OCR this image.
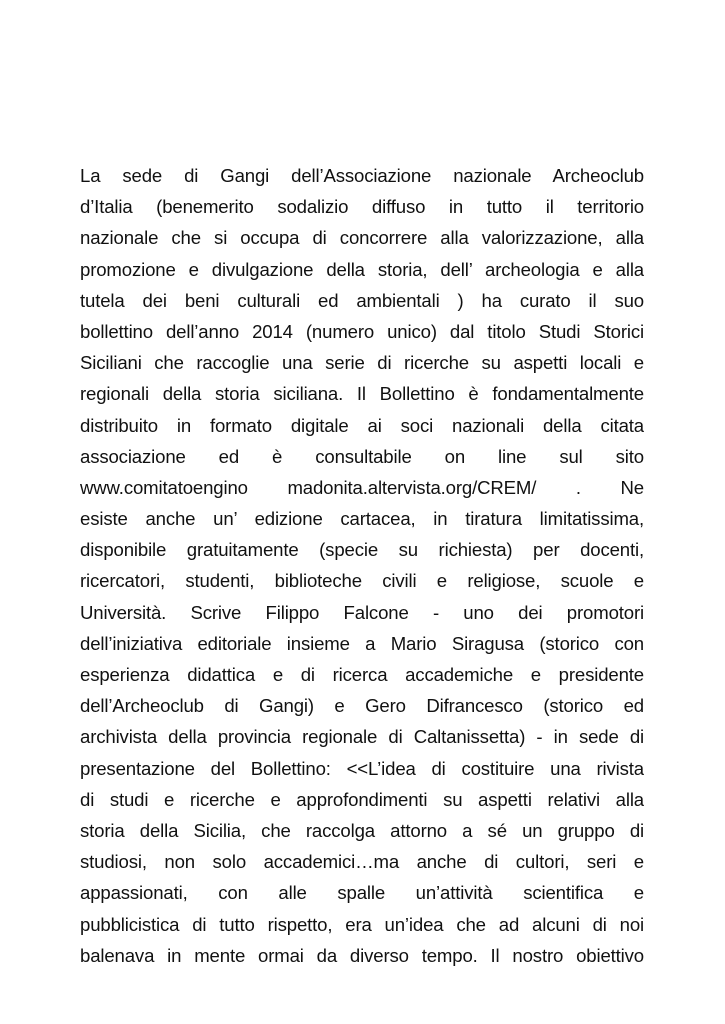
La sede di Gangi dell’Associazione nazionale Archeoclub
d’Italia (benemerito sodalizio diffuso in tutto il territorio
nazionale che si occupa di concorrere alla valorizzazione, alla
promozione e divulgazione della storia, dell’ archeologia e alla
tutela dei beni culturali ed ambientali ) ha curato il suo
bollettino dell’anno 2014 (numero unico) dal titolo Studi Storici
Siciliani che raccoglie una serie di ricerche su aspetti locali e
regionali della storia siciliana. Il Bollettino è fondamentalmente
distribuito in formato digitale ai soci nazionali della citata
associazione ed è consultabile on line sul sito
www.comitatoengino madonita.altervista.org/CREM/ . Ne
esiste anche un’ edizione cartacea, in tiratura limitatissima,
disponibile gratuitamente (specie su richiesta) per docenti,
ricercatori, studenti, biblioteche civili e religiose, scuole e
Università. Scrive Filippo Falcone - uno dei promotori
dell’iniziativa editoriale insieme a Mario Siragusa (storico con
esperienza didattica e di ricerca accademiche e presidente
dell’Archeoclub di Gangi) e Gero Difrancesco (storico ed
archivista della provincia regionale di Caltanissetta) - in sede di
presentazione del Bollettino: <<L’idea di costituire una rivista
di studi e ricerche e approfondimenti su aspetti relativi alla
storia della Sicilia, che raccolga attorno a sé un gruppo di
studiosi, non solo accademici…ma anche di cultori, seri e
appassionati, con alle spalle un’attività scientifica e
pubblicistica di tutto rispetto, era un’idea che ad alcuni di noi
balenava in mente ormai da diverso tempo. Il nostro obiettivo
